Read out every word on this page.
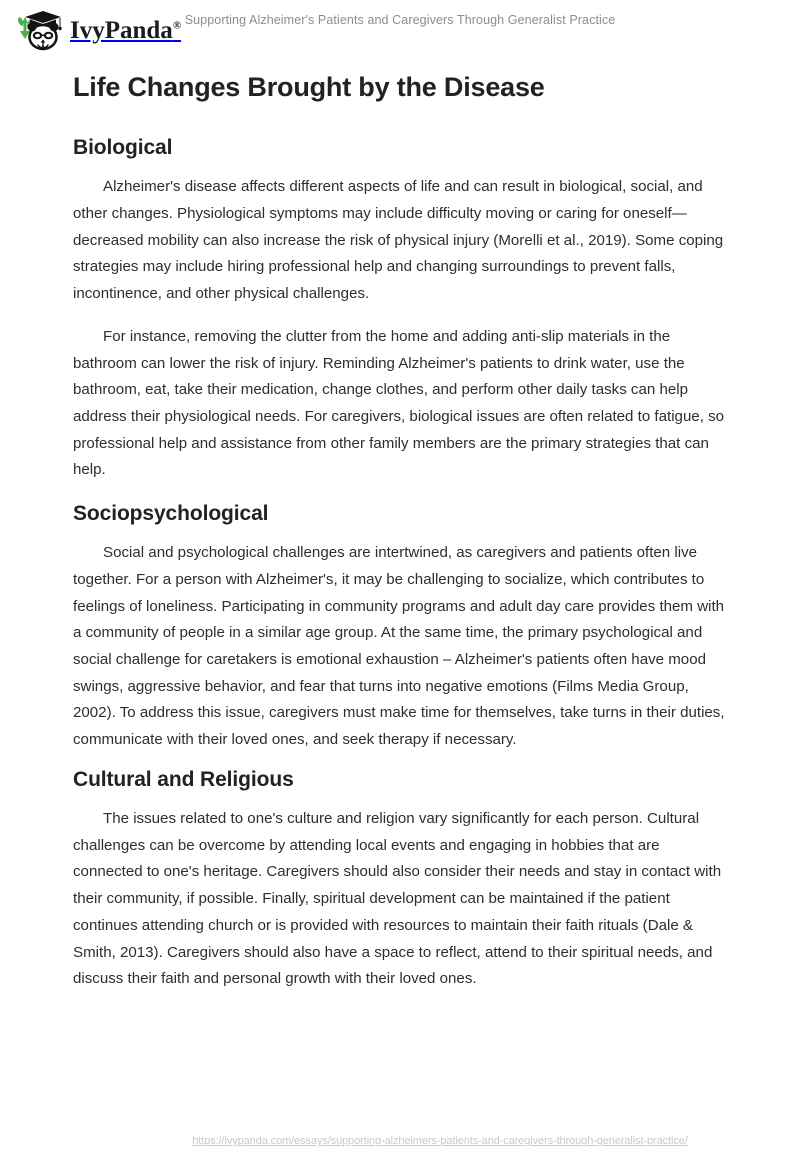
IvyPanda® Supporting Alzheimer's Patients and Caregivers Through Generalist Practice
Life Changes Brought by the Disease
Biological

Alzheimer's disease affects different aspects of life and can result in biological, social, and other changes. Physiological symptoms may include difficulty moving or caring for oneself—decreased mobility can also increase the risk of physical injury (Morelli et al., 2019). Some coping strategies may include hiring professional help and changing surroundings to prevent falls, incontinence, and other physical challenges.

For instance, removing the clutter from the home and adding anti-slip materials in the bathroom can lower the risk of injury. Reminding Alzheimer's patients to drink water, use the bathroom, eat, take their medication, change clothes, and perform other daily tasks can help address their physiological needs. For caregivers, biological issues are often related to fatigue, so professional help and assistance from other family members are the primary strategies that can help.

Sociopsychological

Social and psychological challenges are intertwined, as caregivers and patients often live together. For a person with Alzheimer's, it may be challenging to socialize, which contributes to feelings of loneliness. Participating in community programs and adult day care provides them with a community of people in a similar age group. At the same time, the primary psychological and social challenge for caretakers is emotional exhaustion – Alzheimer's patients often have mood swings, aggressive behavior, and fear that turns into negative emotions (Films Media Group, 2002). To address this issue, caregivers must make time for themselves, take turns in their duties, communicate with their loved ones, and seek therapy if necessary.

Cultural and Religious

The issues related to one's culture and religion vary significantly for each person. Cultural challenges can be overcome by attending local events and engaging in hobbies that are connected to one's heritage. Caregivers should also consider their needs and stay in contact with their community, if possible. Finally, spiritual development can be maintained if the patient continues attending church or is provided with resources to maintain their faith rituals (Dale & Smith, 2013). Caregivers should also have a space to reflect, attend to their spiritual needs, and discuss their faith and personal growth with their loved ones.

https://ivypanda.com/essays/supporting-alzheimers-patients-and-caregivers-through-generalist-practice/
